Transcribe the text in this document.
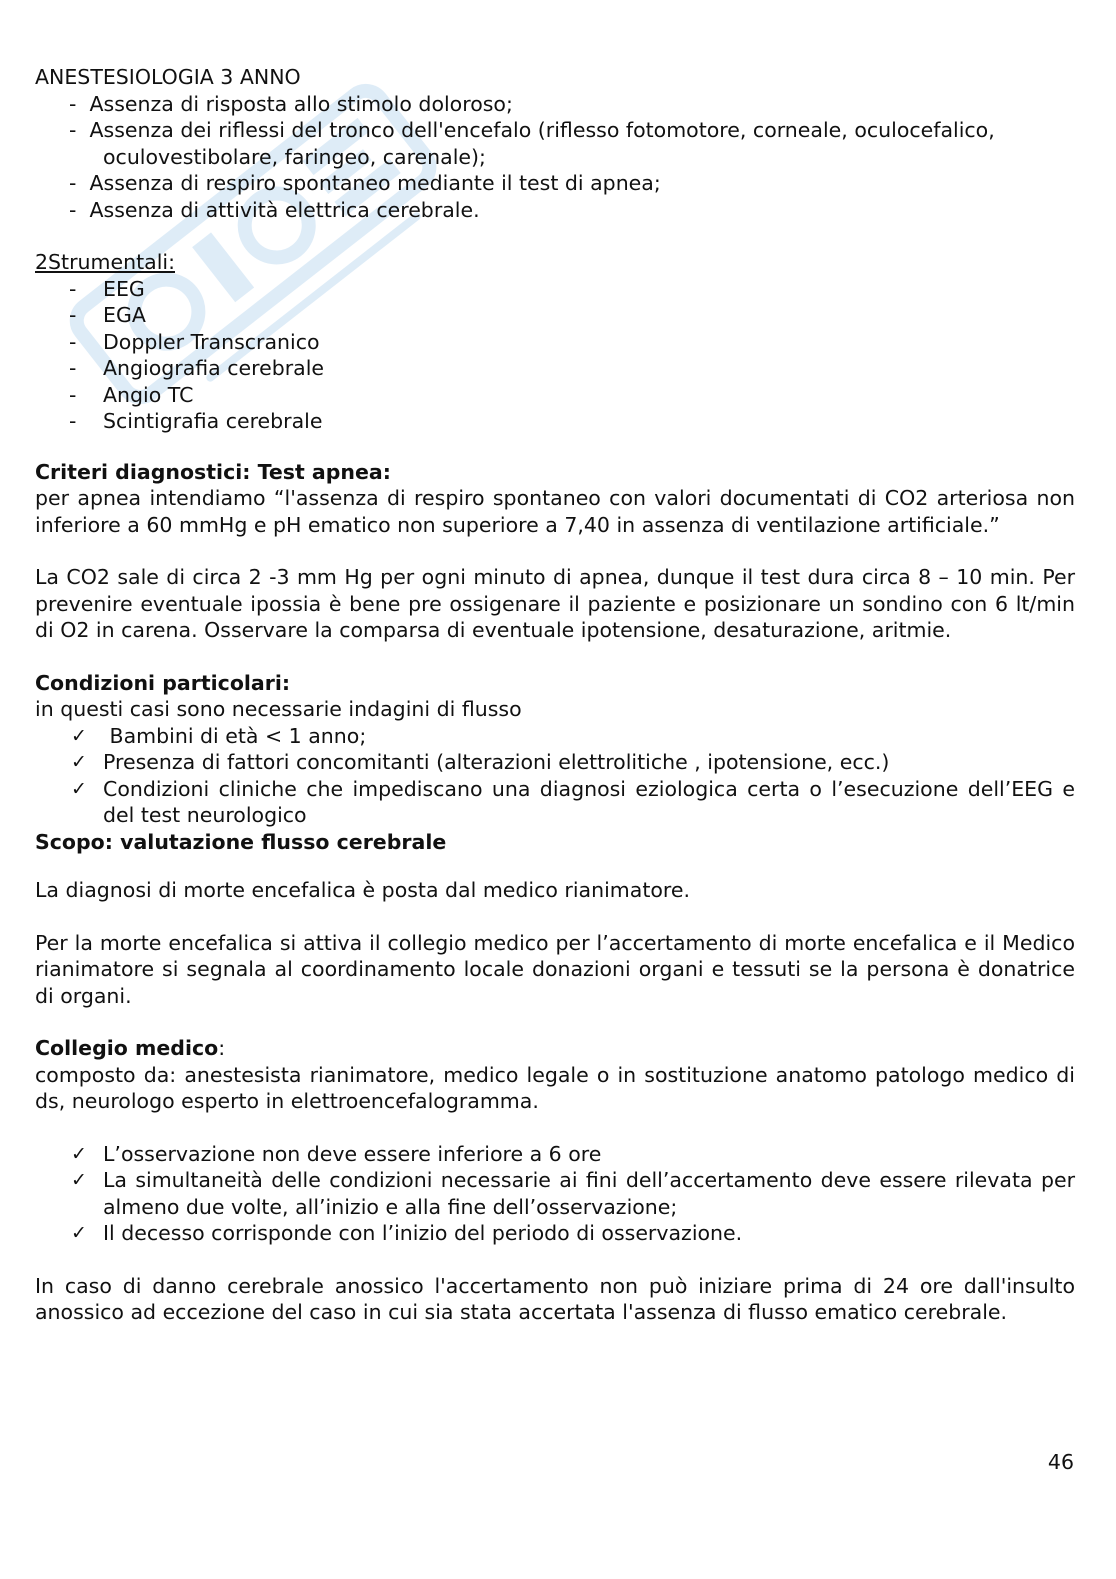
ANESTESIOLOGIA 3 ANNO

- Assenza di risposta allo stimolo doloroso;
- Assenza dei riflessi del tronco dell'encefalo (riflesso fotomotore, corneale, oculocefalico,
oculovestibolare, faringeo, carenale);
- Assenza di respiro spontaneo mediante il test di apnea;
- Assenza di attività elettrica cerebrale.

2Strumentali:

- EEG
- EGA
- Doppler Transcranico
- Angiografia cerebrale
- Angio TC
- Scintigrafia cerebrale

Criteri diagnostici: Test apnea:

per apnea intendiamo “l'assenza di respiro spontaneo con valori documentati di CO2 arteriosa non inferiore a 60 mmHg e pH ematico non superiore a 7,40 in assenza di ventilazione artificiale.”

La CO2 sale di circa 2 -3 mm Hg per ogni minuto di apnea, dunque il test dura circa 8 – 10 min. Per prevenire eventuale ipossia è bene pre ossigenare il paziente e posizionare un sondino con 6 lt/min di O2 in carena. Osservare la comparsa di eventuale ipotensione, desaturazione, aritmie.

Condizioni particolari:

in questi casi sono necessarie indagini di flusso

✓ Bambini di età < 1 anno;
✓ Presenza di fattori concomitanti (alterazioni elettrolitiche , ipotensione, ecc.)
✓ Condizioni cliniche che impediscano una diagnosi eziologica certa o l’esecuzione dell’EEG e del test neurologico

Scopo: valutazione flusso cerebrale

La diagnosi di morte encefalica è posta dal medico rianimatore.

Per la morte encefalica si attiva il collegio medico per l’accertamento di morte encefalica e il Medico rianimatore si segnala al coordinamento locale donazioni organi e tessuti se la persona è donatrice di organi.

Collegio medico:

composto da: anestesista rianimatore, medico legale o in sostituzione anatomo patologo medico di ds, neurologo esperto in elettroencefalogramma.

✓ L’osservazione non deve essere inferiore a 6 ore
✓ La simultaneità delle condizioni necessarie ai fini dell’accertamento deve essere rilevata per almeno due volte, all’inizio e alla fine dell’osservazione;
✓ Il decesso corrisponde con l’inizio del periodo di osservazione.

In caso di danno cerebrale anossico l'accertamento non può iniziare prima di 24 ore dall'insulto anossico ad eccezione del caso in cui sia stata accertata l'assenza di flusso ematico cerebrale.

46
